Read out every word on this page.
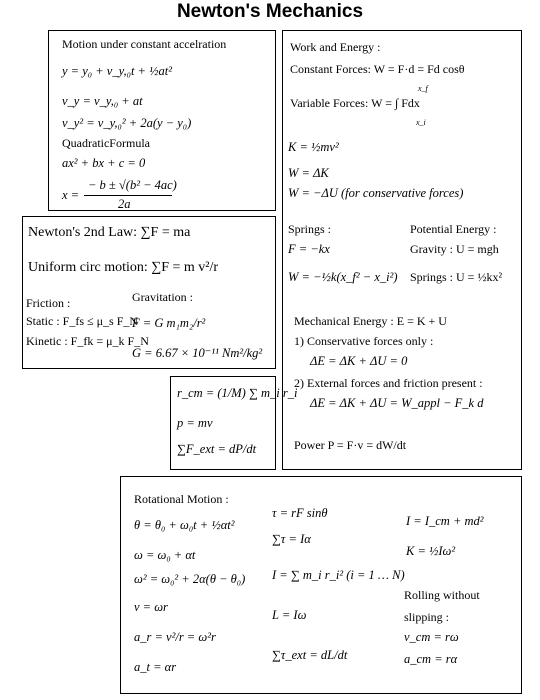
Newton's Mechanics
Motion under constant accelration
y = y₀ + v_y,₀t + ½at²
v_y = v_y,₀ + at
v_y² = v_y,₀² + 2a(y − y₀)
QuadraticFormula
ax² + bx + c = 0
x =
− b ± √(b² − 4ac)
2a
Newton's 2nd Law: ∑F = ma
Uniform circ motion: ∑F = m v²/r
Friction :
Static : F_fs ≤ μ_s F_N
Kinetic : F_fk = μ_k F_N
Gravitation :
F = G m₁m₂/r²
G = 6.67 × 10⁻¹¹ Nm²/kg²
r_cm = (1/M) ∑ m_i r_i
p = mv
∑F_ext = dP/dt
Work and Energy :
Constant Forces: W = F·d = Fd cosθ
Variable Forces: W = ∫ Fdx
x_f
x_i
K = ½mv²
W = ΔK
W = −ΔU (for conservative forces)
Springs :
F = −kx
W = −½k(x_f² − x_i²)
Potential Energy :
Gravity : U = mgh
Springs : U = ½kx²
Mechanical Energy : E = K + U
1) Conservative forces only :
ΔE = ΔK + ΔU = 0
2) External forces and friction present :
ΔE = ΔK + ΔU = W_appl − F_k d
Power P = F·v = dW/dt
Rotational Motion :
θ = θ₀ + ω₀t + ½αt²
ω = ω₀ + αt
ω² = ω₀² + 2α(θ − θ₀)
v = ωr
a_r = v²/r = ω²r
a_t = αr
τ = rF sinθ
∑τ = Iα
I = ∑ m_i r_i² (i = 1 … N)
L = Iω
∑τ_ext = dL/dt
I = I_cm + md²
K = ½Iω²
Rolling without
slipping :
v_cm = rω
a_cm = rα
